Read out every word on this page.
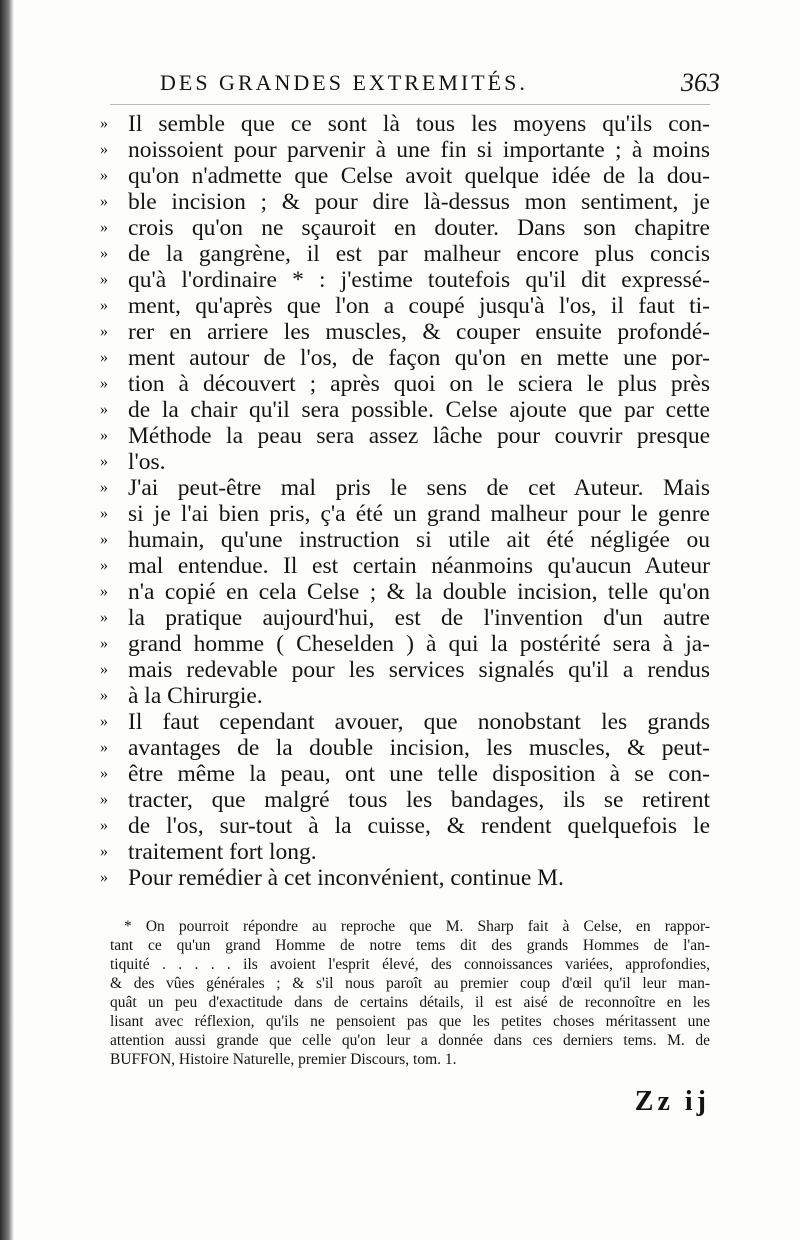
DES GRANDES EXTREMITÉS.	363
» Il semble que ce sont là tous les moyens qu'ils con-
» noissoient pour parvenir à une fin si importante ; à moins
» qu'on n'admette que Celse avoit quelque idée de la dou-
» ble incision ; & pour dire là-dessus mon sentiment, je
» crois qu'on ne sçauroit en douter. Dans son chapitre
» de la gangrène, il est par malheur encore plus concis
» qu'à l'ordinaire * : j'estime toutefois qu'il dit expressé-
» ment, qu'après que l'on a coupé jusqu'à l'os, il faut ti-
» rer en arriere les muscles, & couper ensuite profondé-
» ment autour de l'os, de façon qu'on en mette une por-
» tion à découvert ; après quoi on le sciera le plus près
» de la chair qu'il sera possible. Celse ajoute que par cette
» Méthode la peau sera assez lâche pour couvrir presque
» l'os.
» J'ai peut-être mal pris le sens de cet Auteur. Mais
» si je l'ai bien pris, ç'a été un grand malheur pour le genre
» humain, qu'une instruction si utile ait été négligée ou
» mal entendue. Il est certain néanmoins qu'aucun Auteur
» n'a copié en cela Celse ; & la double incision, telle qu'on
» la pratique aujourd'hui, est de l'invention d'un autre
» grand homme ( Cheselden ) à qui la postérité sera à ja-
» mais redevable pour les services signalés qu'il a rendus
» à la Chirurgie.
» Il faut cependant avouer, que nonobstant les grands
» avantages de la double incision, les muscles, & peut-
» être même la peau, ont une telle disposition à se con-
» tracter, que malgré tous les bandages, ils se retirent
» de l'os, sur-tout à la cuisse, & rendent quelquefois le
» traitement fort long.
» Pour remédier à cet inconvénient, continue M.
* On pourroit répondre au reproche que M. Sharp fait à Celse, en rappor-
tant ce qu'un grand Homme de notre tems dit des grands Hommes de l'an-
tiquité . . . . . ils avoient l'esprit élevé, des connoissances variées, approfondies,
& des vûes générales ; & s'il nous paroît au premier coup d'œil qu'il leur man-
quât un peu d'exactitude dans de certains détails, il est aisé de reconnoître en les
lisant avec réflexion, qu'ils ne pensoient pas que les petites choses méritassent une
attention aussi grande que celle qu'on leur a donnée dans ces derniers tems. M. de
BUFFON, Histoire Naturelle, premier Discours, tom. 1.
Zz ij
